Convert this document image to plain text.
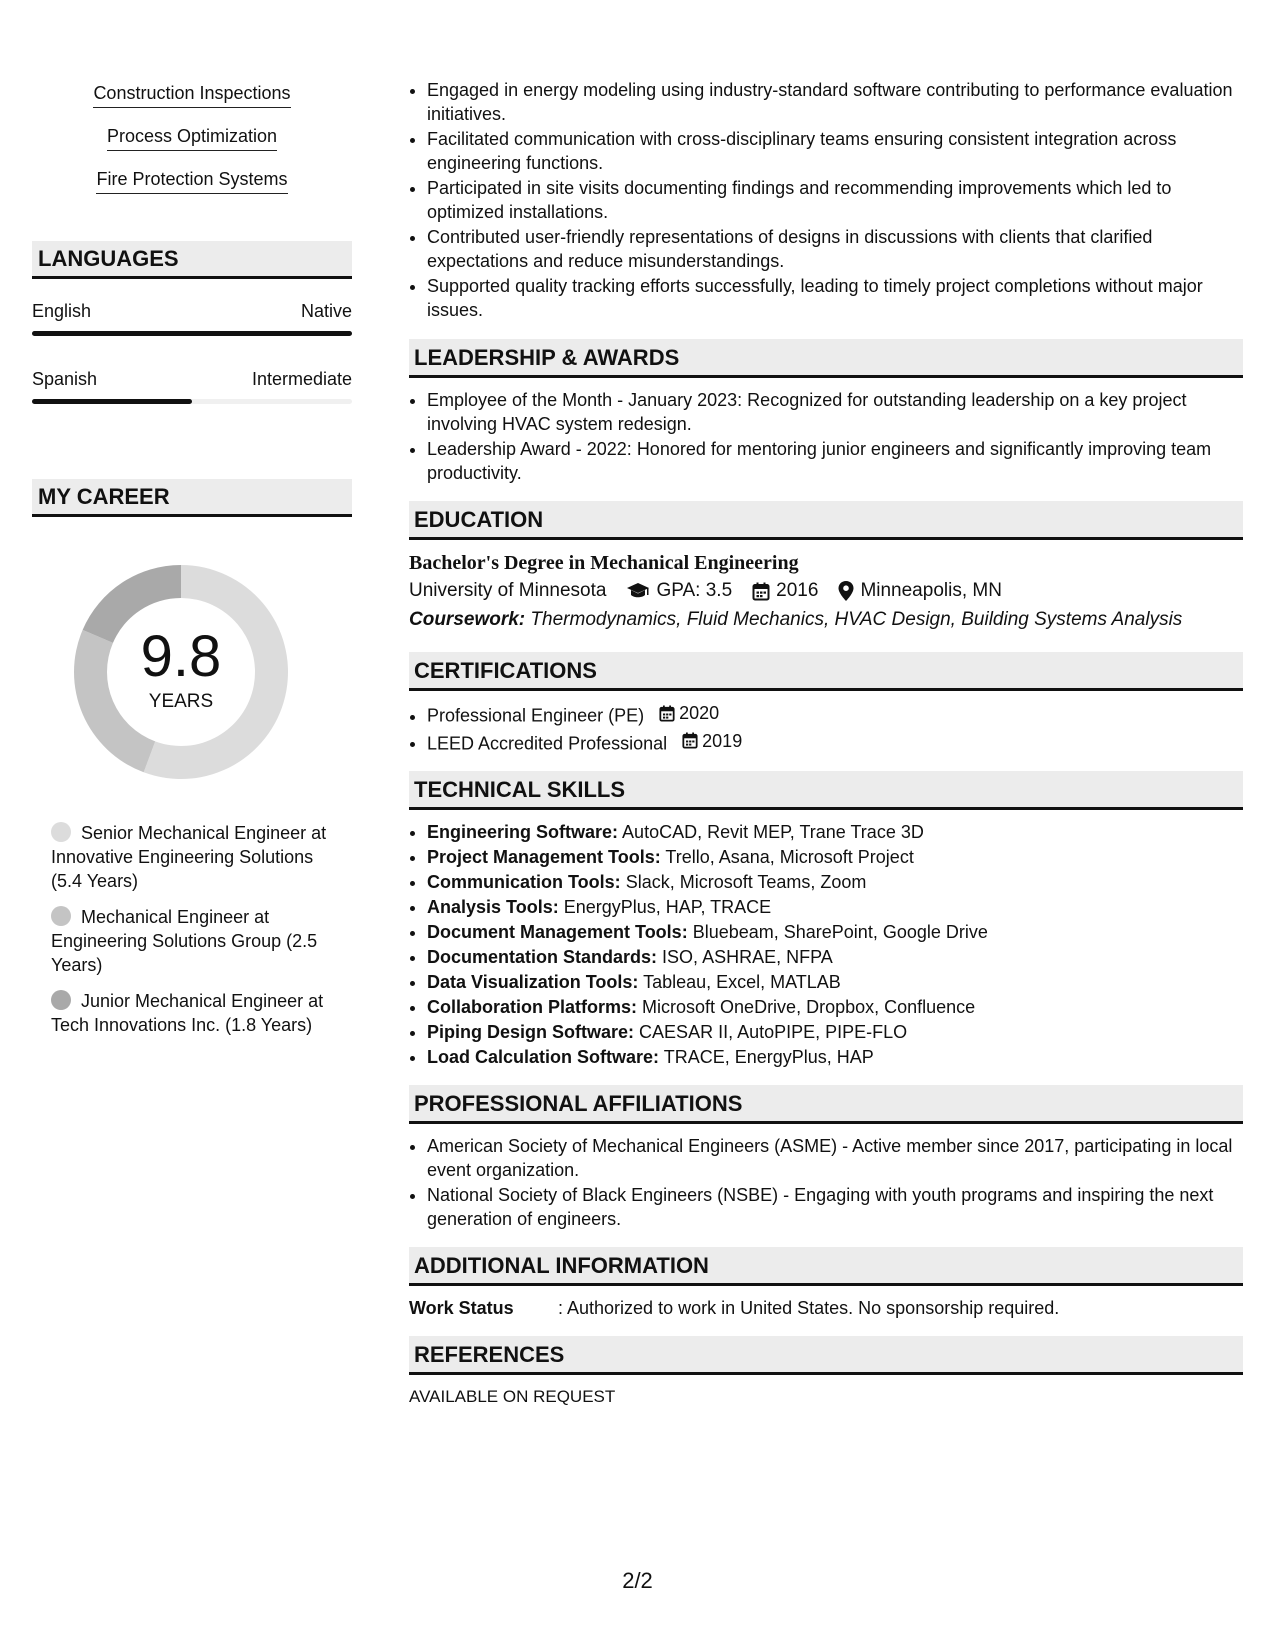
Construction Inspections
Process Optimization
Fire Protection Systems
LANGUAGES
English	Native
Spanish	Intermediate
MY CAREER
9.8
YEARS
Senior Mechanical Engineer at Innovative Engineering Solutions (5.4 Years)
Mechanical Engineer at Engineering Solutions Group (2.5 Years)
Junior Mechanical Engineer at Tech Innovations Inc. (1.8 Years)
• Engaged in energy modeling using industry-standard software contributing to performance evaluation initiatives.
• Facilitated communication with cross-disciplinary teams ensuring consistent integration across engineering functions.
• Participated in site visits documenting findings and recommending improvements which led to optimized installations.
• Contributed user-friendly representations of designs in discussions with clients that clarified expectations and reduce misunderstandings.
• Supported quality tracking efforts successfully, leading to timely project completions without major issues.
LEADERSHIP & AWARDS
• Employee of the Month - January 2023: Recognized for outstanding leadership on a key project involving HVAC system redesign.
• Leadership Award - 2022: Honored for mentoring junior engineers and significantly improving team productivity.
EDUCATION
Bachelor's Degree in Mechanical Engineering
University of Minnesota	GPA: 3.5 2016 Minneapolis, MN
Coursework: Thermodynamics, Fluid Mechanics, HVAC Design, Building Systems Analysis
CERTIFICATIONS
• Professional Engineer (PE) 2020
• LEED Accredited Professional 2019
TECHNICAL SKILLS
• Engineering Software: AutoCAD, Revit MEP, Trane Trace 3D
• Project Management Tools: Trello, Asana, Microsoft Project
• Communication Tools: Slack, Microsoft Teams, Zoom
• Analysis Tools: EnergyPlus, HAP, TRACE
• Document Management Tools: Bluebeam, SharePoint, Google Drive
• Documentation Standards: ISO, ASHRAE, NFPA
• Data Visualization Tools: Tableau, Excel, MATLAB
• Collaboration Platforms: Microsoft OneDrive, Dropbox, Confluence
• Piping Design Software: CAESAR II, AutoPIPE, PIPE-FLO
• Load Calculation Software: TRACE, EnergyPlus, HAP
PROFESSIONAL AFFILIATIONS
• American Society of Mechanical Engineers (ASME) - Active member since 2017, participating in local event organization.
• National Society of Black Engineers (NSBE) - Engaging with youth programs and inspiring the next generation of engineers.
ADDITIONAL INFORMATION
Work Status	: Authorized to work in United States. No sponsorship required.
REFERENCES
AVAILABLE ON REQUEST
2/2
